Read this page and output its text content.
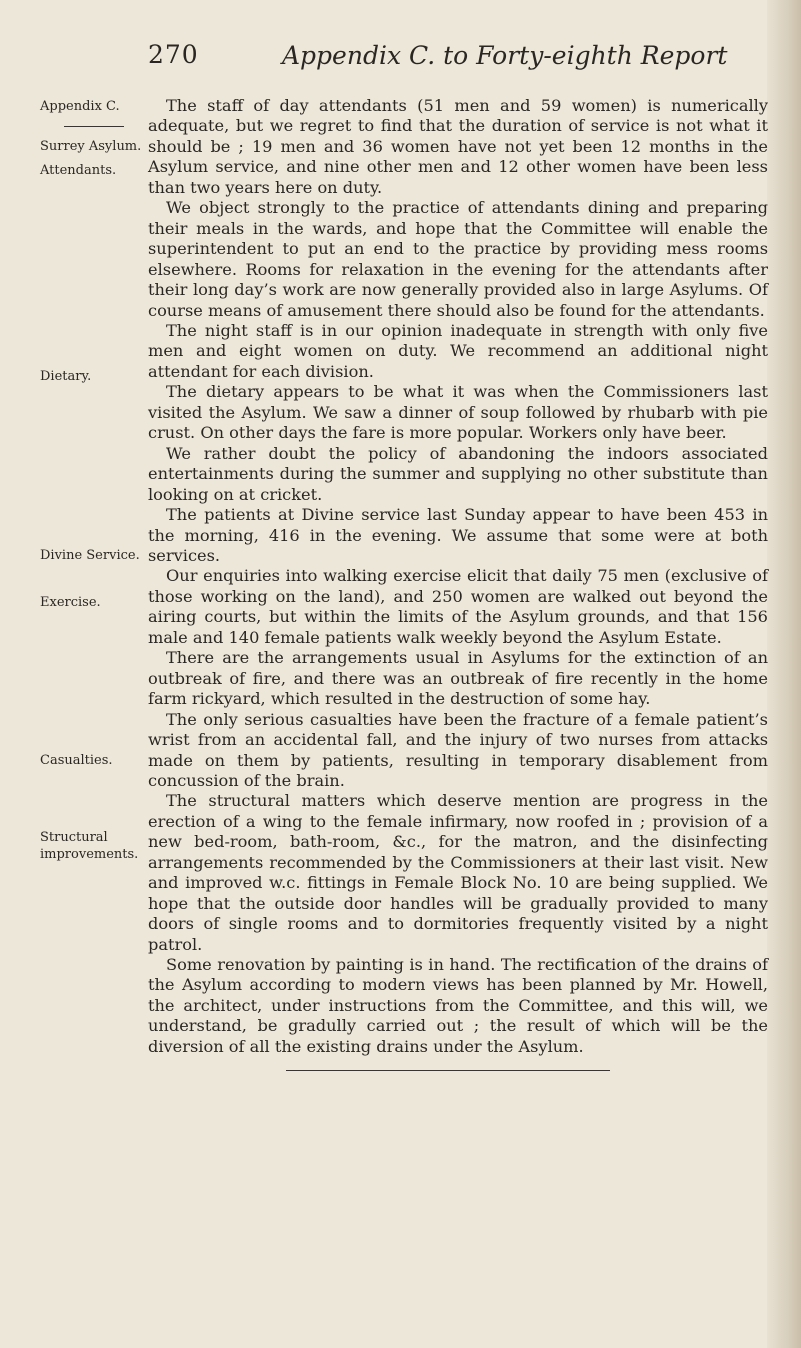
270	Appendix C. to Forty-eighth Report
Appendix C.
Surrey Asylum.
Attendants.
Dietary.
Divine Service.
Exercise.
Casualties.
Structural
improvements.

The staff of day attendants (51 men and 59 women) is numerically adequate, but we regret to find that the duration of service is not what it should be ; 19 men and 36 women have not yet been 12 months in the Asylum service, and nine other men and 12 other women have been less than two years here on duty.

We object strongly to the practice of attendants dining and preparing their meals in the wards, and hope that the Committee will enable the superintendent to put an end to the practice by providing mess rooms elsewhere. Rooms for relaxation in the evening for the attendants after their long day’s work are now generally provided also in large Asylums. Of course means of amusement there should also be found for the attendants.

The night staff is in our opinion inadequate in strength with only five men and eight women on duty. We recommend an additional night attendant for each division.

The dietary appears to be what it was when the Commissioners last visited the Asylum. We saw a dinner of soup followed by rhubarb with pie crust. On other days the fare is more popular. Workers only have beer.

We rather doubt the policy of abandoning the indoors associated entertainments during the summer and supplying no other substitute than looking on at cricket.

The patients at Divine service last Sunday appear to have been 453 in the morning, 416 in the evening. We assume that some were at both services.

Our enquiries into walking exercise elicit that daily 75 men (exclusive of those working on the land), and 250 women are walked out beyond the airing courts, but within the limits of the Asylum grounds, and that 156 male and 140 female patients walk weekly beyond the Asylum Estate.

There are the arrangements usual in Asylums for the extinction of an outbreak of fire, and there was an outbreak of fire recently in the home farm rickyard, which resulted in the destruction of some hay.

The only serious casualties have been the fracture of a female patient’s wrist from an accidental fall, and the injury of two nurses from attacks made on them by patients, resulting in temporary disablement from concussion of the brain.

The structural matters which deserve mention are progress in the erection of a wing to the female infirmary, now roofed in ; provision of a new bed-room, bath-room, &c., for the matron, and the disinfecting arrangements recommended by the Commissioners at their last visit. New and improved w.c. fittings in Female Block No. 10 are being supplied. We hope that the outside door handles will be gradually provided to many doors of single rooms and to dormitories frequently visited by a night patrol.

Some renovation by painting is in hand. The rectification of the drains of the Asylum according to modern views has been planned by Mr. Howell, the architect, under instructions from the Committee, and this will, we understand, be gradully carried out ; the result of which will be the diversion of all the existing drains under the Asylum.
